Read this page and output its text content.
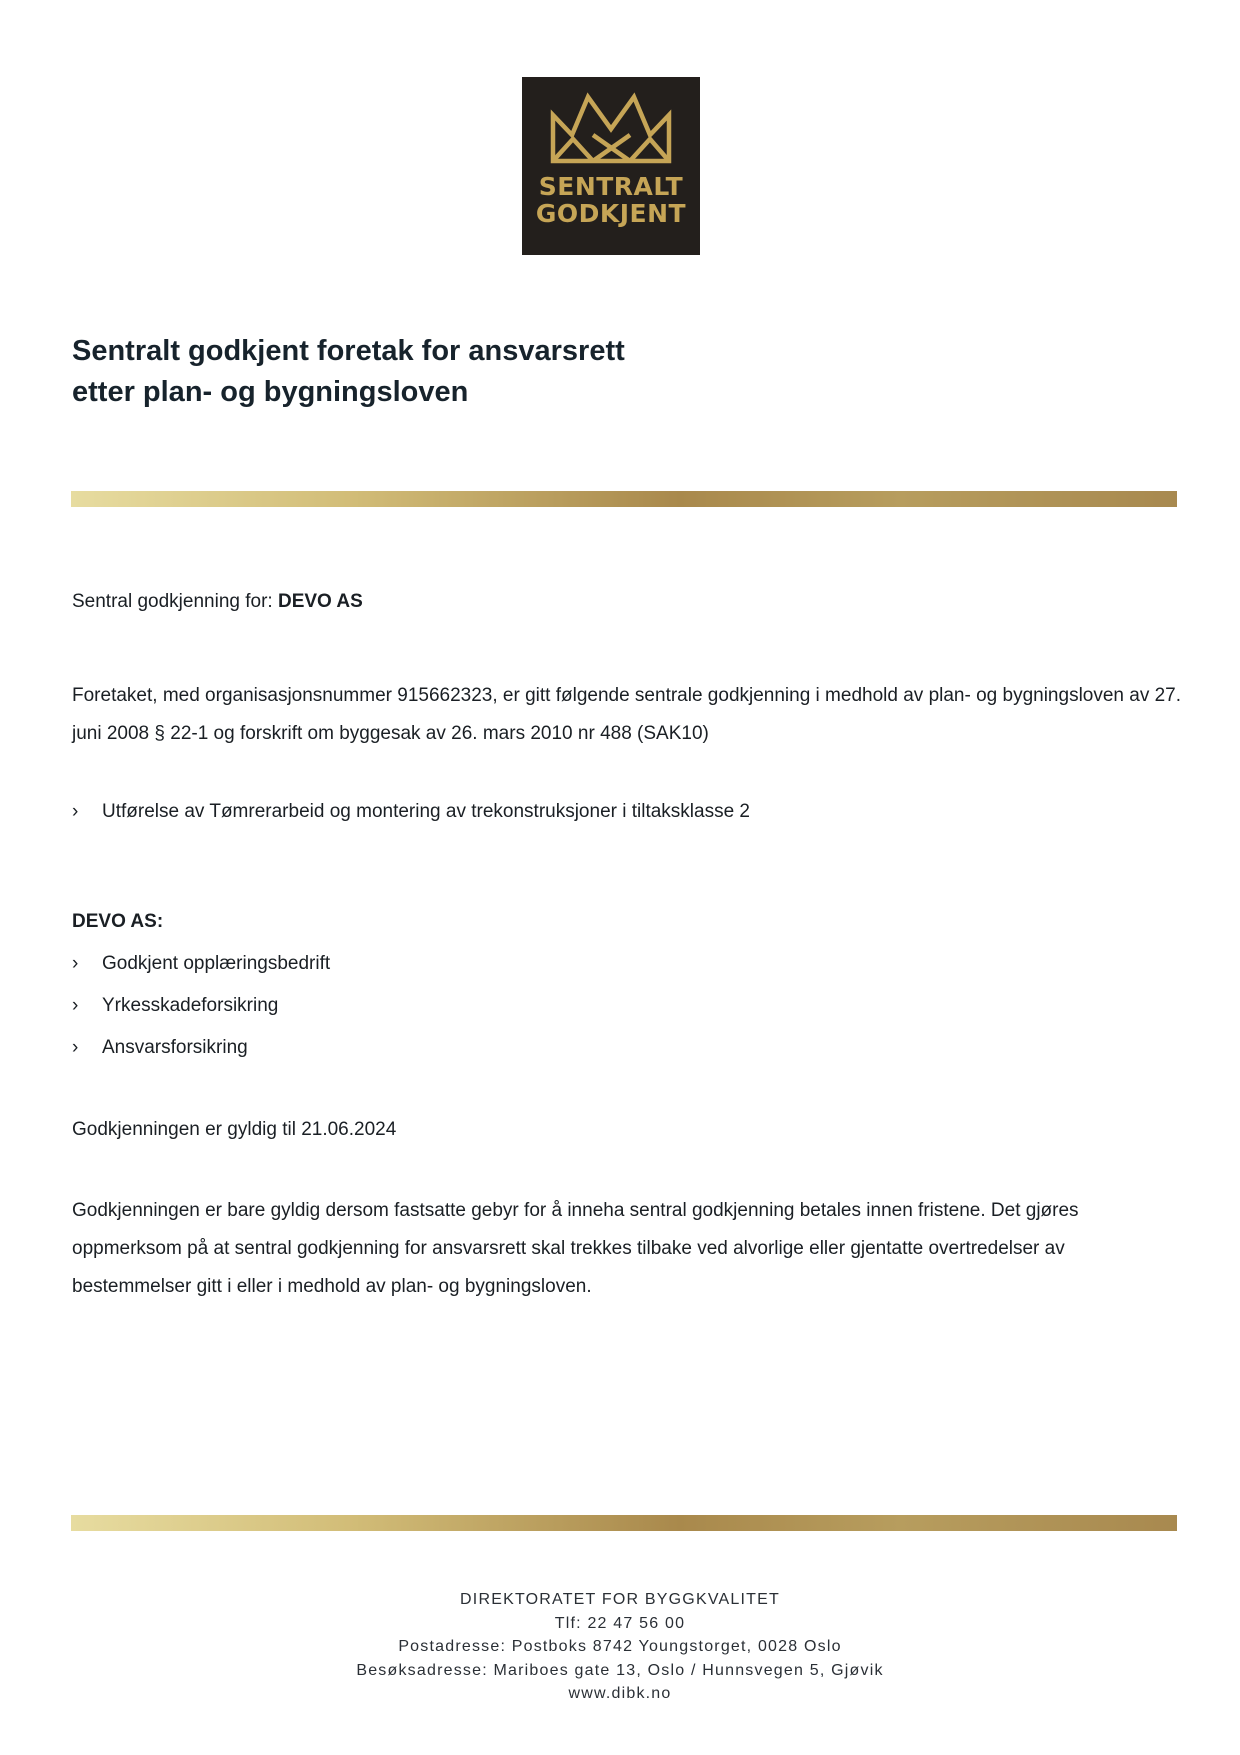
SENTRALT
GODKJENT
Sentralt godkjent foretak for ansvarsrett
etter plan- og bygningsloven

Sentral godkjenning for: DEVO AS

Foretaket, med organisasjonsnummer 915662323, er gitt følgende sentrale godkjenning i medhold av plan- og bygningsloven av 27. juni 2008 § 22-1 og forskrift om byggesak av 26. mars 2010 nr 488 (SAK10)

› Utførelse av Tømrerarbeid og montering av trekonstruksjoner i tiltaksklasse 2

DEVO AS:

› Godkjent opplæringsbedrift
› Yrkesskadeforsikring
› Ansvarsforsikring

Godkjenningen er gyldig til 21.06.2024

Godkjenningen er bare gyldig dersom fastsatte gebyr for å inneha sentral godkjenning betales innen fristene. Det gjøres oppmerksom på at sentral godkjenning for ansvarsrett skal trekkes tilbake ved alvorlige eller gjentatte overtredelser av bestemmelser gitt i eller i medhold av plan- og bygningsloven.

DIREKTORATET FOR BYGGKVALITET
Tlf: 22 47 56 00
Postadresse: Postboks 8742 Youngstorget, 0028 Oslo
Besøksadresse: Mariboes gate 13, Oslo / Hunnsvegen 5, Gjøvik
www.dibk.no
